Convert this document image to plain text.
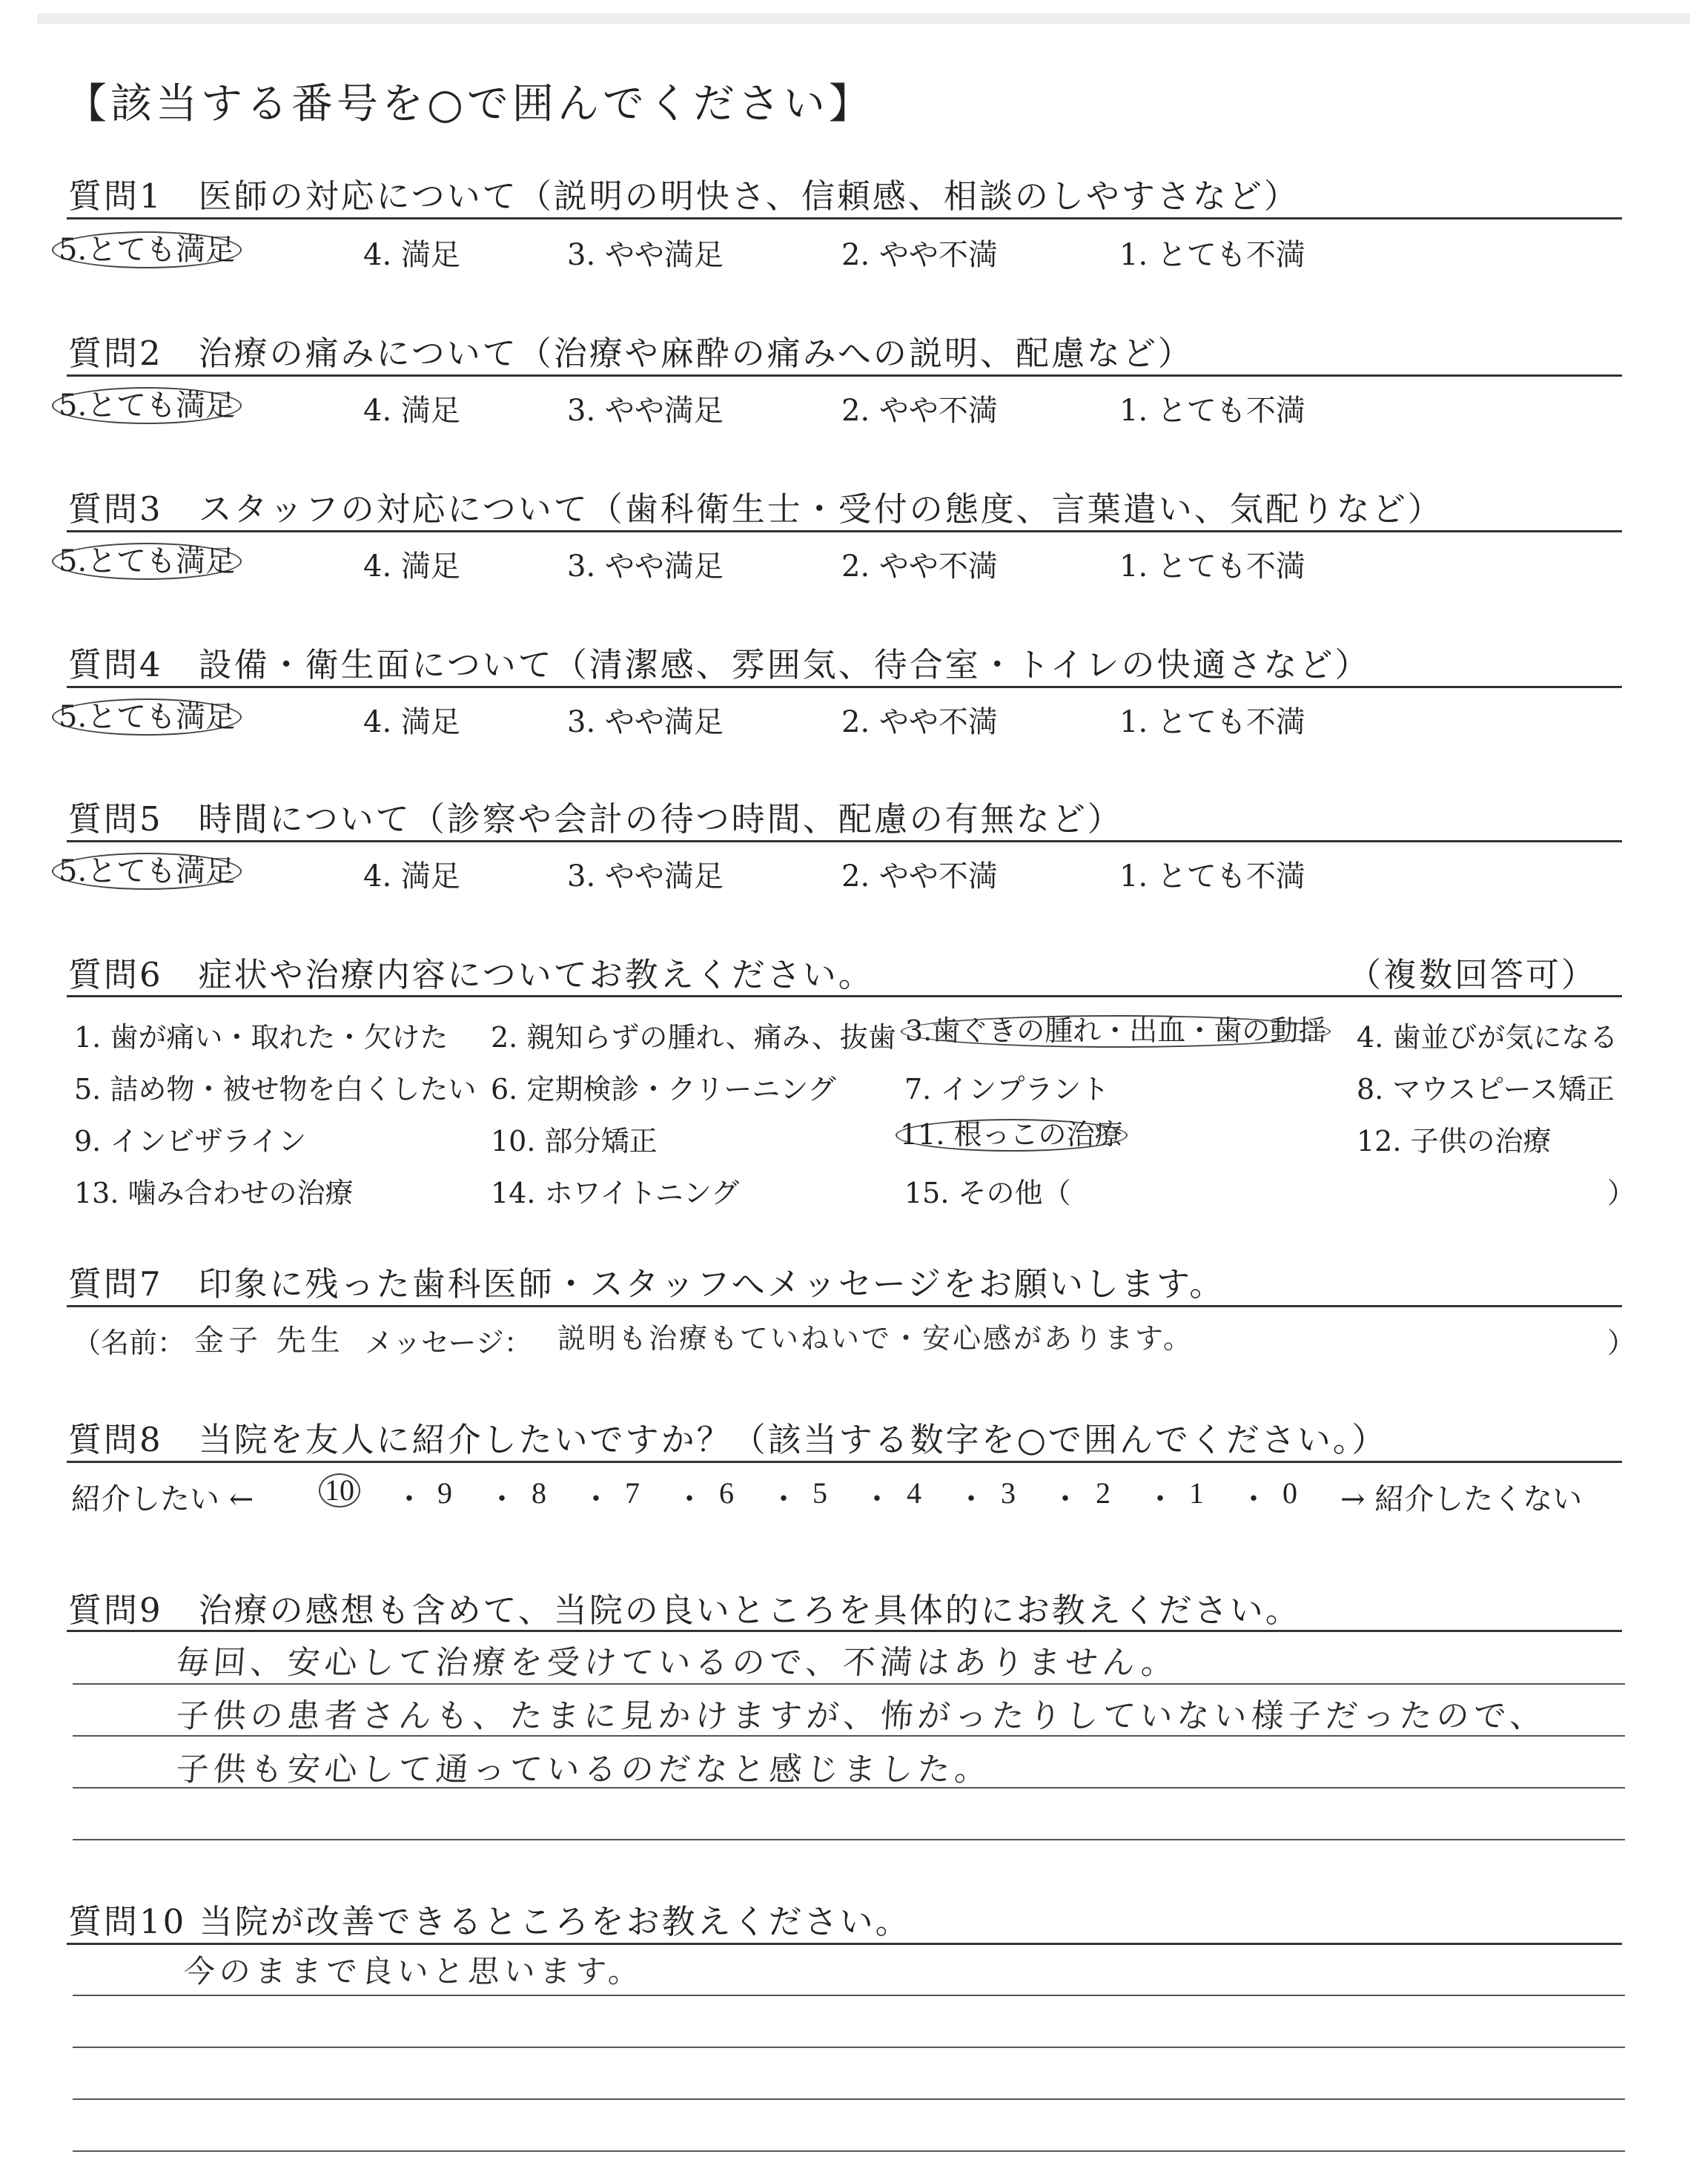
【該当する番号を○で囲んでください】
質問1　医師の対応について（説明の明快さ、信頼感、相談のしやすさなど）
5.とても満足	4. 満足	3. やや満足	2. やや不満	1. とても不満
質問2　治療の痛みについて（治療や麻酔の痛みへの説明、配慮など）
5.とても満足	4. 満足	3. やや満足	2. やや不満	1. とても不満
質問3　スタッフの対応について（歯科衛生士・受付の態度、言葉遣い、気配りなど）
5.とても満足	4. 満足	3. やや満足	2. やや不満	1. とても不満
質問4　設備・衛生面について（清潔感、雰囲気、待合室・トイレの快適さなど）
5.とても満足	4. 満足	3. やや満足	2. やや不満	1. とても不満
質問5　時間について（診察や会計の待つ時間、配慮の有無など）
5.とても満足	4. 満足	3. やや満足	2. やや不満	1. とても不満
質問6　症状や治療内容についてお教えください。	（複数回答可）
1. 歯が痛い・取れた・欠けた 2. 親知らずの腫れ、痛み、抜歯 3.歯ぐきの腫れ・出血・歯の動揺 4. 歯並びが気になる
5. 詰め物・被せ物を白くしたい 6. 定期検診・クリーニング 7. インプラント	8. マウスピース矯正
9. インビザライン	10. 部分矯正	11. 根っこの治療	12. 子供の治療
13. 噛み合わせの治療	14. ホワイトニング	15. その他（	）
質問7　印象に残った歯科医師・スタッフへメッセージをお願いします。
（名前： 金子 先生 メッセージ： 説明も治療もていねいで・安心感があります。	）
質問8　当院を友人に紹介したいですか？（該当する数字を○で囲んでください。）
紹介したい ←	→ 紹介したくない
10 ・ 9 ・ 8 ・ 7 ・ 6 ・ 5 ・ 4 ・ 3 ・ 2 ・ 1 ・ 0
質問9　治療の感想も含めて、当院の良いところを具体的にお教えください。
毎回、安心して治療を受けているので、不満はありません。
子供の患者さんも、たまに見かけますが、怖がったりしていない様子だったので、
子供も安心して通っているのだなと感じました。
質問10 当院が改善できるところをお教えください。
今のままで良いと思います。
